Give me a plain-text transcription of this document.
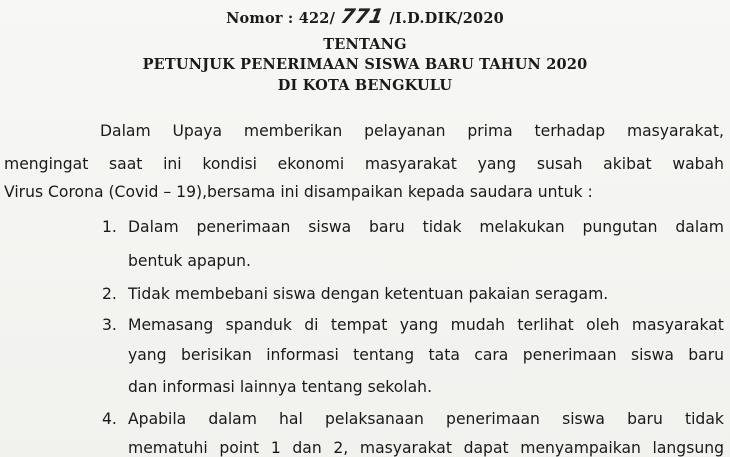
Nomor : 422/ 771 /I.D.DIK/2020
TENTANG
PETUNJUK PENERIMAAN SISWA BARU TAHUN 2020
DI KOTA BENGKULU
Dalam Upaya memberikan pelayanan prima terhadap masyarakat,
mengingat saat ini kondisi ekonomi masyarakat yang susah akibat wabah
Virus Corona (Covid – 19),bersama ini disampaikan kepada saudara untuk :
1. Dalam penerimaan siswa baru tidak melakukan pungutan dalam
bentuk apapun.
2. Tidak membebani siswa dengan ketentuan pakaian seragam.
3. Memasang spanduk di tempat yang mudah terlihat oleh masyarakat
yang berisikan informasi tentang tata cara penerimaan siswa baru
dan informasi lainnya tentang sekolah.
4. Apabila dalam hal pelaksanaan penerimaan siswa baru tidak
mematuhi point 1 dan 2, masyarakat dapat menyampaikan langsung
